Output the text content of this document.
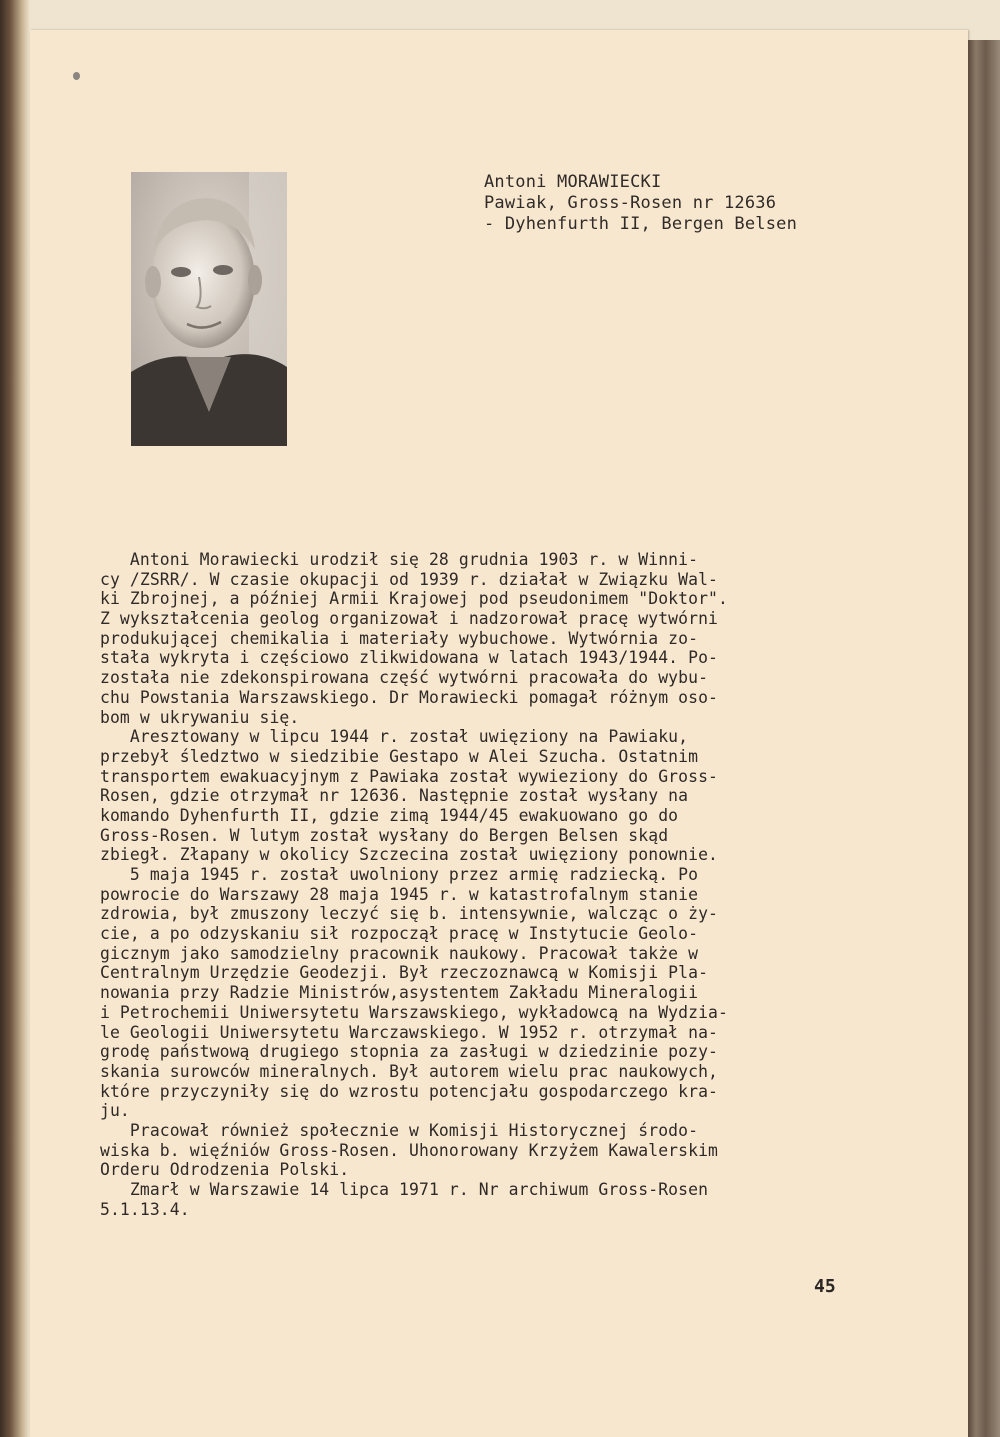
Antoni MORAWIECKI
Pawiak, Gross-Rosen nr 12636
- Dyhenfurth II, Bergen Belsen
Antoni Morawiecki urodził się 28 grudnia 1903 r. w Winni-
cy /ZSRR/. W czasie okupacji od 1939 r. działał w Związku Wal-
ki Zbrojnej, a później Armii Krajowej pod pseudonimem "Doktor".
Z wykształcenia geolog organizował i nadzorował pracę wytwórni
produkującej chemikalia i materiały wybuchowe. Wytwórnia zo-
stała wykryta i częściowo zlikwidowana w latach 1943/1944. Po-
została nie zdekonspirowana część wytwórni pracowała do wybu-
chu Powstania Warszawskiego. Dr Morawiecki pomagał różnym oso-
bom w ukrywaniu się.
Aresztowany w lipcu 1944 r. został uwięziony na Pawiaku,
przebył śledztwo w siedzibie Gestapo w Alei Szucha. Ostatnim
transportem ewakuacyjnym z Pawiaka został wywieziony do Gross-
Rosen, gdzie otrzymał nr 12636. Następnie został wysłany na
komando Dyhenfurth II, gdzie zimą 1944/45 ewakuowano go do
Gross-Rosen. W lutym został wysłany do Bergen Belsen skąd
zbiegł. Złapany w okolicy Szczecina został uwięziony ponownie.
5 maja 1945 r. został uwolniony przez armię radziecką. Po
powrocie do Warszawy 28 maja 1945 r. w katastrofalnym stanie
zdrowia, był zmuszony leczyć się b. intensywnie, walcząc o ży-
cie, a po odzyskaniu sił rozpoczął pracę w Instytucie Geolo-
gicznym jako samodzielny pracownik naukowy. Pracował także w
Centralnym Urzędzie Geodezji. Był rzeczoznawcą w Komisji Pla-
nowania przy Radzie Ministrów,asystentem Zakładu Mineralogii
i Petrochemii Uniwersytetu Warszawskiego, wykładowcą na Wydzia-
le Geologii Uniwersytetu Warczawskiego. W 1952 r. otrzymał na-
grodę państwową drugiego stopnia za zasługi w dziedzinie pozy-
skania surowców mineralnych. Był autorem wielu prac naukowych,
które przyczyniły się do wzrostu potencjału gospodarczego kra-
ju.
Pracował również społecznie w Komisji Historycznej środo-
wiska b. więźniów Gross-Rosen. Uhonorowany Krzyżem Kawalerskim
Orderu Odrodzenia Polski.
Zmarł w Warszawie 14 lipca 1971 r. Nr archiwum Gross-Rosen
5.1.13.4.
45
